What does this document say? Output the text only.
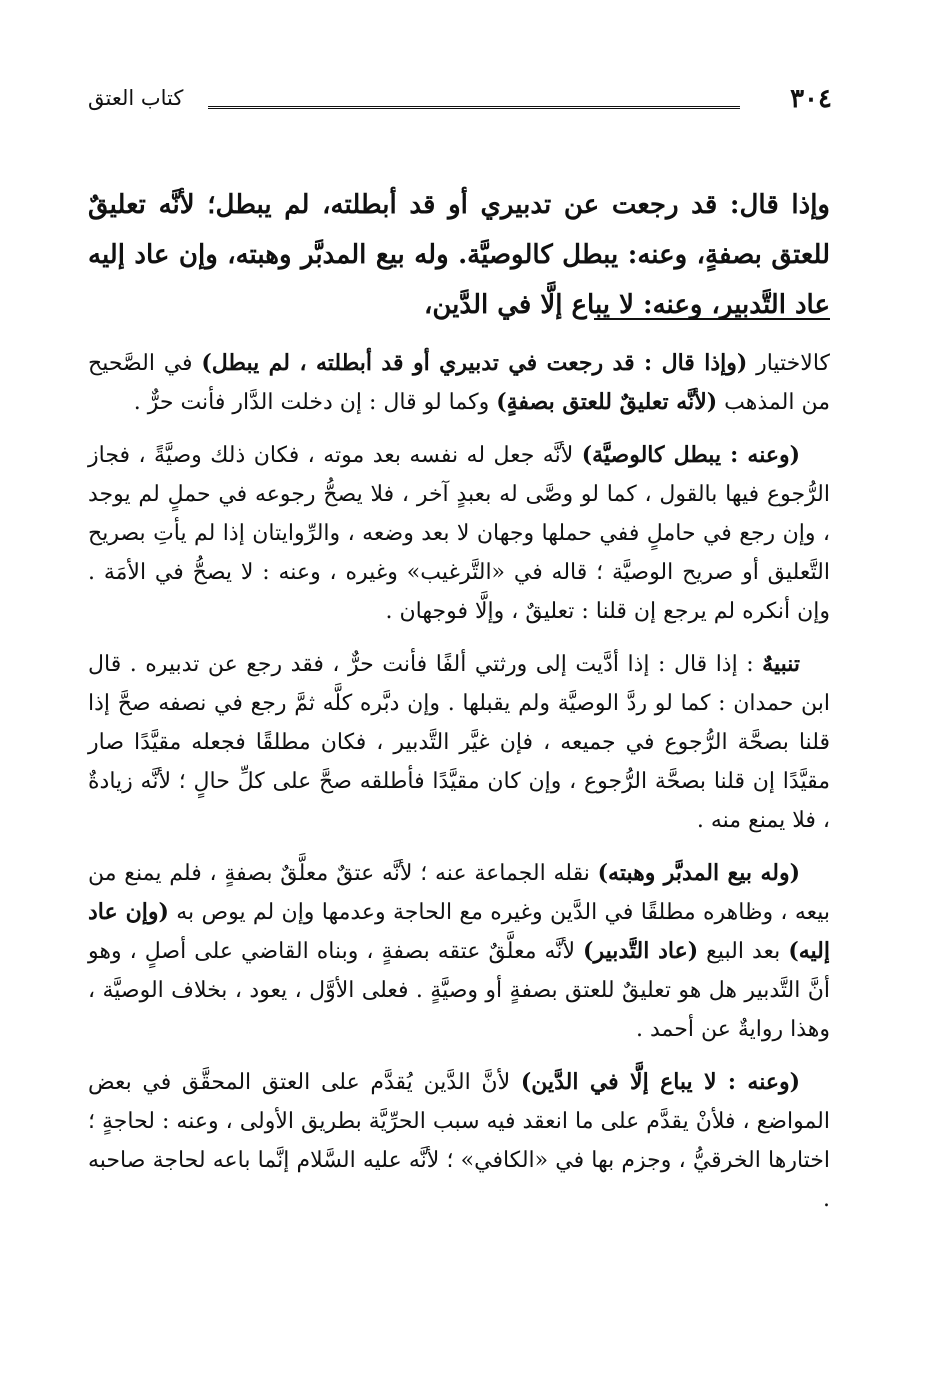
٣٠٤
كتاب العتق

وإذا قال: قد رجعت عن تدبيري أو قد أبطلته، لم يبطل؛ لأنَّه تعليقٌ للعتق بصفةٍ، وعنه: يبطل كالوصيَّة. وله بيع المدبَّر وهبته، وإن عاد إليه عاد التَّدبير، وعنه: لا يباع إلَّا في الدَّين،

كالاختيار (وإذا قال : قد رجعت في تدبيري أو قد أبطلته ، لم يبطل) في الصَّحيح من المذهب (لأنَّه تعليقٌ للعتق بصفةٍ) وكما لو قال : إن دخلت الدَّار فأنت حرٌّ .

(وعنه : يبطل كالوصيَّة) لأنَّه جعل له نفسه بعد موته ، فكان ذلك وصيَّةً ، فجاز الرُّجوع فيها بالقول ، كما لو وصَّى له بعبدٍ آخر ، فلا يصحُّ رجوعه في حملٍ لم يوجد ، وإن رجع في حاملٍ ففي حملها وجهان لا بعد وضعه ، والرِّوايتان إذا لم يأتِ بصريح التَّعليق أو صريح الوصيَّة ؛ قاله في «التَّرغيب» وغيره ، وعنه : لا يصحُّ في الأمَة . وإن أنكره لم يرجع إن قلنا : تعليقٌ ، وإلَّا فوجهان .

تنبيهٌ : إذا قال : إذا أدَّيت إلى ورثتي ألفًا فأنت حرٌّ ، فقد رجع عن تدبيره . قال ابن حمدان : كما لو ردَّ الوصيَّة ولم يقبلها . وإن دبَّره كلَّه ثمَّ رجع في نصفه صحَّ إذا قلنا بصحَّة الرُّجوع في جميعه ، فإن غيَّر التَّدبير ، فكان مطلقًا فجعله مقيَّدًا صار مقيَّدًا إن قلنا بصحَّة الرُّجوع ، وإن كان مقيَّدًا فأطلقه صحَّ على كلِّ حالٍ ؛ لأنَّه زيادةٌ ، فلا يمنع منه .

(وله بيع المدبَّر وهبته) نقله الجماعة عنه ؛ لأنَّه عتقٌ معلَّقٌ بصفةٍ ، فلم يمنع من بيعه ، وظاهره مطلقًا في الدَّين وغيره مع الحاجة وعدمها وإن لم يوص به (وإن عاد إليه) بعد البيع (عاد التَّدبير) لأنَّه معلَّقٌ عتقه بصفةٍ ، وبناه القاضي على أصلٍ ، وهو أنَّ التَّدبير هل هو تعليقٌ للعتق بصفةٍ أو وصيَّةٍ . فعلى الأوَّل ، يعود ، بخلاف الوصيَّة ، وهذا روايةٌ عن أحمد .

(وعنه : لا يباع إلَّا في الدَّين) لأنَّ الدَّين يُقدَّم على العتق المحقَّق في بعض المواضع ، فلأنْ يقدَّم على ما انعقد فيه سبب الحرِّيَّة بطريق الأولى ، وعنه : لحاجةٍ ؛ اختارها الخرقيُّ ، وجزم بها في «الكافي» ؛ لأنَّه عليه السَّلام إنَّما باعه لحاجة صاحبه .
